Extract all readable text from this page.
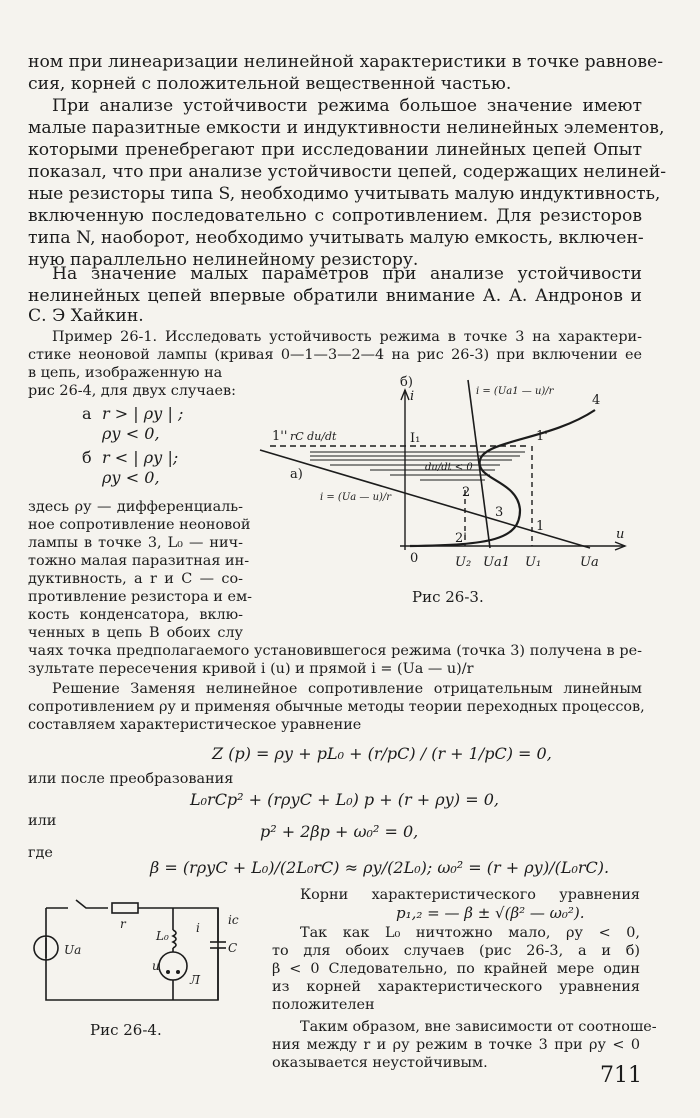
ном при линеаризации нелинейной характеристики в точке равнове-
сия, корней с положительной вещественной частью.
При анализе устойчивости режима большое значение имеют
малые паразитные емкости и индуктивности нелинейных элементов,
которыми пренебрегают при исследовании линейных цепей Опыт
показал, что при анализе устойчивости цепей, содержащих нелиней-
ные резисторы типа S, необходимо учитывать малую индуктивность,
включенную последовательно с сопротивлением. Для резисторов
типа N, наоборот, необходимо учитывать малую емкость, включен-
ную параллельно нелинейному резистору.
На значение малых параметров при анализе устойчивости
нелинейных цепей впервые обратили внимание А. А. Андронов и
С. Э Хайкин.
Пример 26-1. Исследовать устойчивость режима в точке 3 на характери-
стике неоновой лампы (кривая 0—1—3—2—4 на рис 26-3) при включении ее
в цепь, изображенную на
рис 26-4, для двух случаев:
а r > | ρу | ;
ρу < 0,
б r < | ρу |;
ρу < 0,
здесь ρу — дифференциаль-
ное сопротивление неоновой
лампы в точке 3, L₀ — нич-
тожно малая паразитная ин-
дуктивность, а r и C — со-
противление резистора и ем-
кость конденсатора, вклю-
ченных в цепь В обоих слу
б)
а)
i
u
i = (Uа1 — u)/r
i = (Uа — u)/r
rC du/dt
du/dt < 0
1
1'
1''
2
2'
3
4
0
I₁
U₂ Uа1 U₁	Uа
Рис 26-3.
чаях точка предполагаемого установившегося режима (точка 3) получена в ре-
зультате пересечения кривой i (u) и прямой i = (Uа — u)/r
Решение Заменяя нелинейное сопротивление отрицательным линейным
сопротивлением ρу и применяя обычные методы теории переходных процессов,
составляем характеристическое уравнение
Z (p) = ρу + pL₀ + (r/pC) / (r + 1/pC) = 0,
или после преобразования
L₀rCp² + (rρуC + L₀) p + (r + ρу) = 0,
или
p² + 2βp + ω₀² = 0,
где
β = (rρуC + L₀)/(2L₀rC) ≈ ρу/(2L₀); ω₀² = (r + ρу)/(L₀rC).
Корни характеристического уравнения
p₁,₂ = — β ± √(β² — ω₀²).
Так как L₀ ничтожно мало, ρу < 0,
то для обоих случаев (рис 26-3, а и б)
β < 0 Следовательно, по крайней мере один
из корней характеристического уравнения
положителен
Таким образом, вне зависимости от соотноше-
ния между r и ρу режим в точке 3 при ρу < 0
оказывается неустойчивым.
r
L₀
i
iс
u
Uа	C
Л
Рис 26-4.
711
